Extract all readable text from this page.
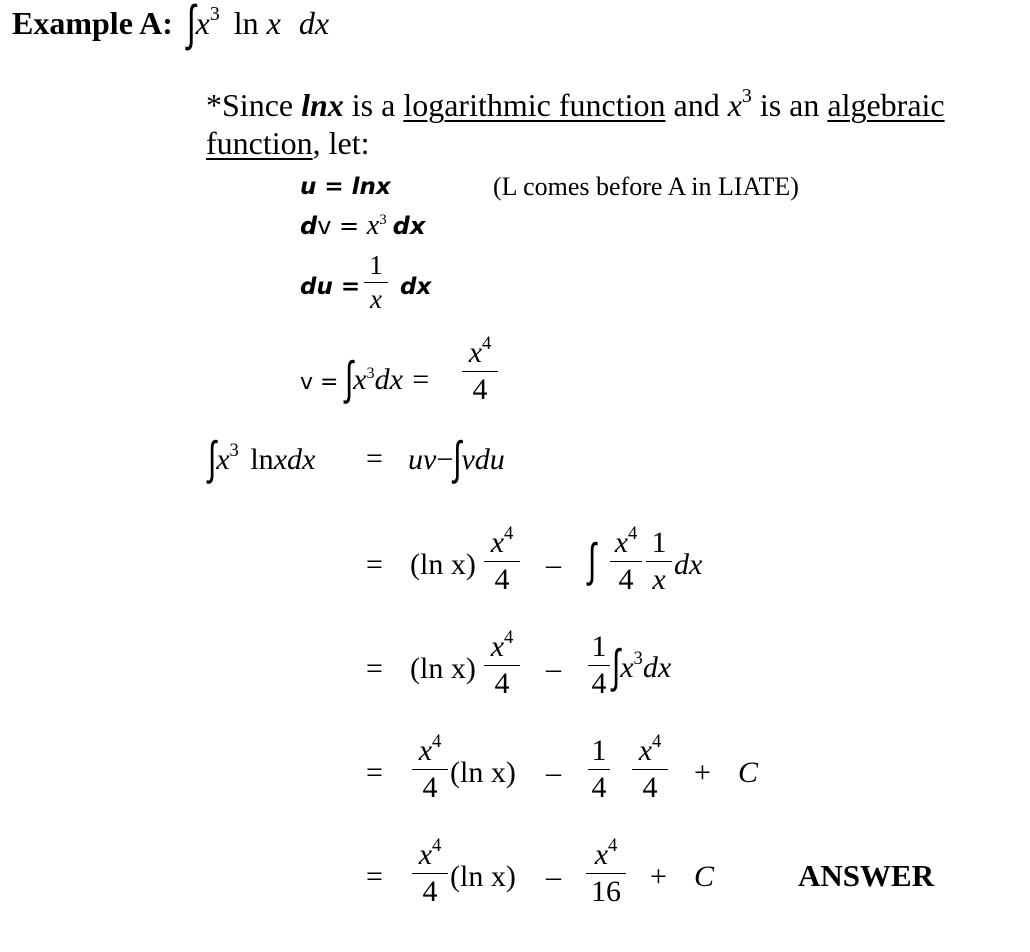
Example A: $\int x^3$ ln x dx
*Since lnx is a logarithmic function and $x^3$ is an algebraic
function, let:
u = lnx	(L comes before A in LIATE)
dv = $x^3$ dx
du =
1
x dx
$v = \int x^3dx$ =
$x^4$
4
$\int x^3$ lnxdx = uv−∫vdu
= (ln x)
$x^4$
4	– ∫ $x^4$
4
1
x dx
= (ln x)
$x^4$
4	–
1
4 $\int x^3dx$
=
$x^4$
4 (ln x) –
1
4
$x^4$
4	+ C
=
$x^4$
4 (ln x) –
$x^4$
16 + C	ANSWER
